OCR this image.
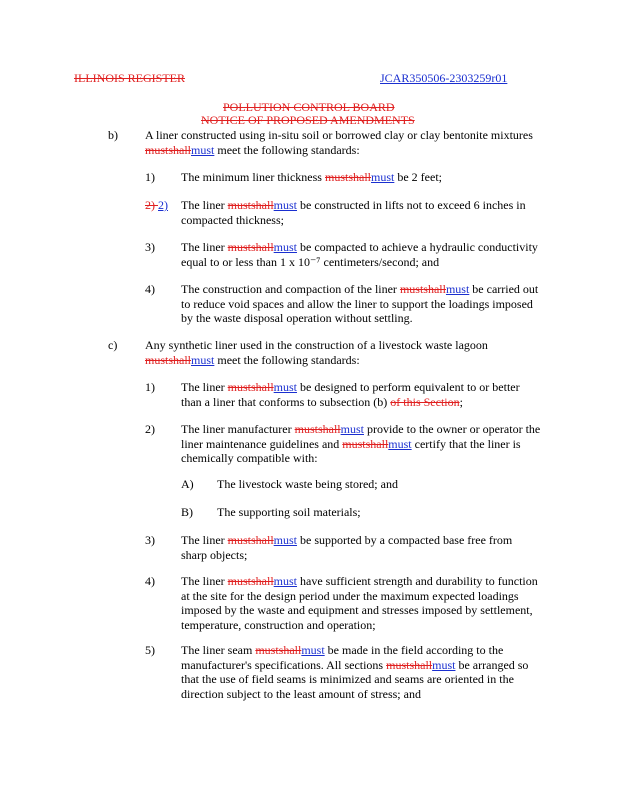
ILLINOIS REGISTER	JCAR350506-2303259r01
POLLUTION CONTROL BOARD
NOTICE OF PROPOSED AMENDMENTS
b) A liner constructed using in-situ soil or borrowed clay or clay bentonite mixtures
mustshallmust meet the following standards:
1) The minimum liner thickness mustshallmust be 2 feet;
2) 2) The liner mustshallmust be constructed in lifts not to exceed 6 inches in
compacted thickness;
3) The liner mustshallmust be compacted to achieve a hydraulic conductivity
equal to or less than 1 x 10⁻⁷ centimeters/second; and
4) The construction and compaction of the liner mustshallmust be carried out
to reduce void spaces and allow the liner to support the loadings imposed
by the waste disposal operation without settling.
c) Any synthetic liner used in the construction of a livestock waste lagoon
mustshallmust meet the following standards:
1) The liner mustshallmust be designed to perform equivalent to or better
than a liner that conforms to subsection (b) of this Section;
2) The liner manufacturer mustshallmust provide to the owner or operator the
liner maintenance guidelines and mustshallmust certify that the liner is
chemically compatible with:
A) The livestock waste being stored; and
B) The supporting soil materials;
3) The liner mustshallmust be supported by a compacted base free from
sharp objects;
4) The liner mustshallmust have sufficient strength and durability to function
at the site for the design period under the maximum expected loadings
imposed by the waste and equipment and stresses imposed by settlement,
temperature, construction and operation;
5) The liner seam mustshallmust be made in the field according to the
manufacturer's specifications. All sections mustshallmust be arranged so
that the use of field seams is minimized and seams are oriented in the
direction subject to the least amount of stress; and
